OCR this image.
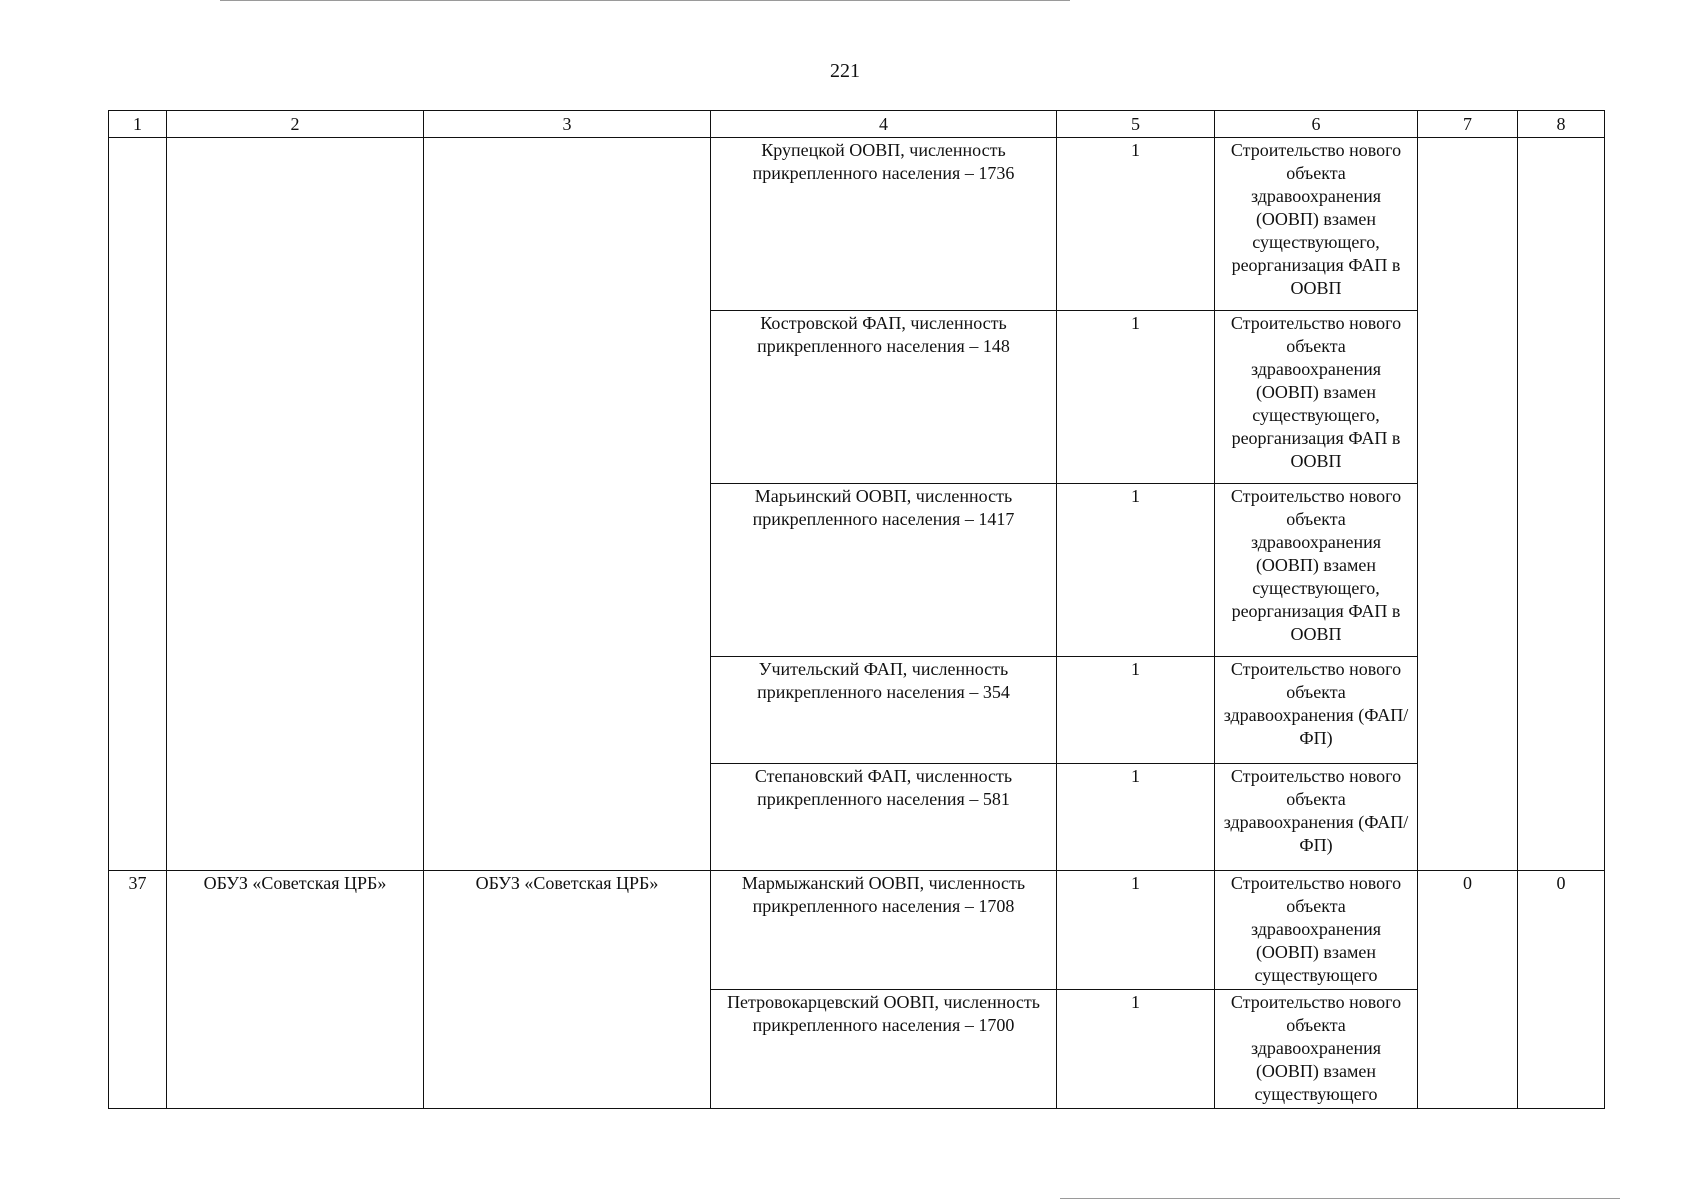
221
1	2	3	4	5	6	7	8
			Крупецкой ООВП, численность прикрепленного населения – 1736	1	Строительство нового объекта здравоохранения (ООВП) взамен существующего, реорганизация ФАП в ООВП		
			Костровской ФАП, численность прикрепленного населения – 148	1	Строительство нового объекта здравоохранения (ООВП) взамен существующего, реорганизация ФАП в ООВП		
			Марьинский ООВП, численность прикрепленного населения – 1417	1	Строительство нового объекта здравоохранения (ООВП) взамен существующего, реорганизация ФАП в ООВП		
			Учительский ФАП, численность прикрепленного населения – 354	1	Строительство нового объекта здравоохранения (ФАП/ФП)		
			Степановский ФАП, численность прикрепленного населения – 581	1	Строительство нового объекта здравоохранения (ФАП/ФП)		
37	ОБУЗ «Советская ЦРБ»	ОБУЗ «Советская ЦРБ»	Мармыжанский ООВП, численность прикрепленного населения – 1708	1	Строительство нового объекта здравоохранения (ООВП) взамен существующего	0	0
			Петровокарцевский ООВП, численность прикрепленного населения – 1700	1	Строительство нового объекта здравоохранения (ООВП) взамен существующего		
